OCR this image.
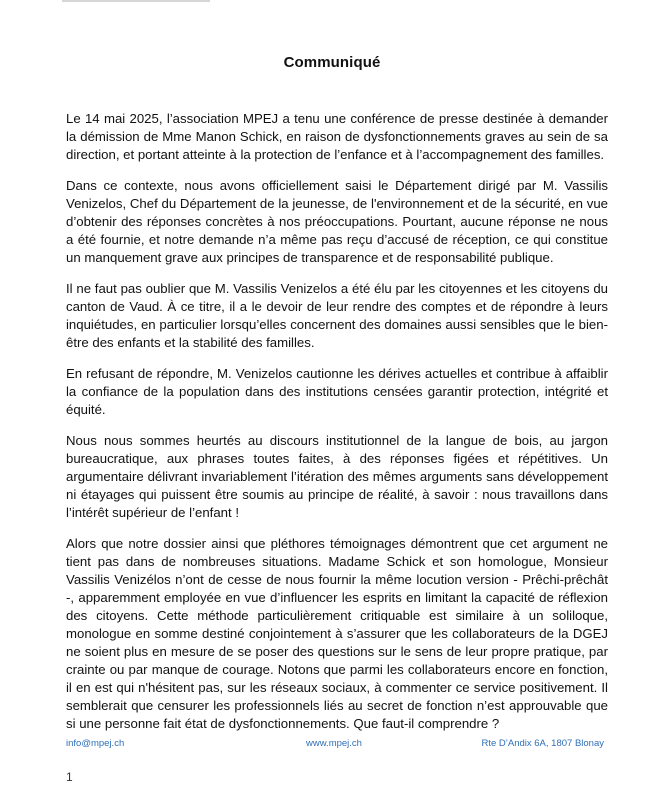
Communiqué

Le 14 mai 2025, l’association MPEJ a tenu une conférence de presse destinée à demander la démission de Mme Manon Schick, en raison de dysfonctionnements graves au sein de sa direction, et portant atteinte à la protection de l’enfance et à l’accompagnement des familles.

Dans ce contexte, nous avons officiellement saisi le Département dirigé par M. Vassilis Venizelos, Chef du Département de la jeunesse, de l'environnement et de la sécurité, en vue d’obtenir des réponses concrètes à nos préoccupations. Pourtant, aucune réponse ne nous a été fournie, et notre demande n’a même pas reçu d’accusé de réception, ce qui constitue un manquement grave aux principes de transparence et de responsabilité publique.

Il ne faut pas oublier que M. Vassilis Venizelos a été élu par les citoyennes et les citoyens du canton de Vaud. À ce titre, il a le devoir de leur rendre des comptes et de répondre à leurs inquiétudes, en particulier lorsqu’elles concernent des domaines aussi sensibles que le bien-être des enfants et la stabilité des familles.

En refusant de répondre, M. Venizelos cautionne les dérives actuelles et contribue à affaiblir la confiance de la population dans des institutions censées garantir protection, intégrité et équité.

Nous nous sommes heurtés au discours institutionnel de la langue de bois, au jargon bureaucratique, aux phrases toutes faites, à des réponses figées et répétitives. Un argumentaire délivrant invariablement l’itération des mêmes arguments sans développement ni étayages qui puissent être soumis au principe de réalité, à savoir : nous travaillons dans l’intérêt supérieur de l’enfant !

Alors que notre dossier ainsi que pléthores témoignages démontrent que cet argument ne tient pas dans de nombreuses situations. Madame Schick et son homologue, Monsieur Vassilis Venizélos n’ont de cesse de nous fournir la même locution version - Prêchi-prêchât -, apparemment employée en vue d’influencer les esprits en limitant la capacité de réflexion des citoyens. Cette méthode particulièrement critiquable est similaire à un soliloque, monologue en somme destiné conjointement à s’assurer que les collaborateurs de la DGEJ ne soient plus en mesure de se poser des questions sur le sens de leur propre pratique, par crainte ou par manque de courage. Notons que parmi les collaborateurs encore en fonction, il en est qui n'hésitent pas, sur les réseaux sociaux, à commenter ce service positivement. Il semblerait que censurer les professionnels liés au secret de fonction n’est approuvable que si une personne fait état de dysfonctionnements. Que faut-il comprendre ?

info@mpej.ch	www.mpej.ch	Rte D’Andix 6A, 1807 Blonay
1
